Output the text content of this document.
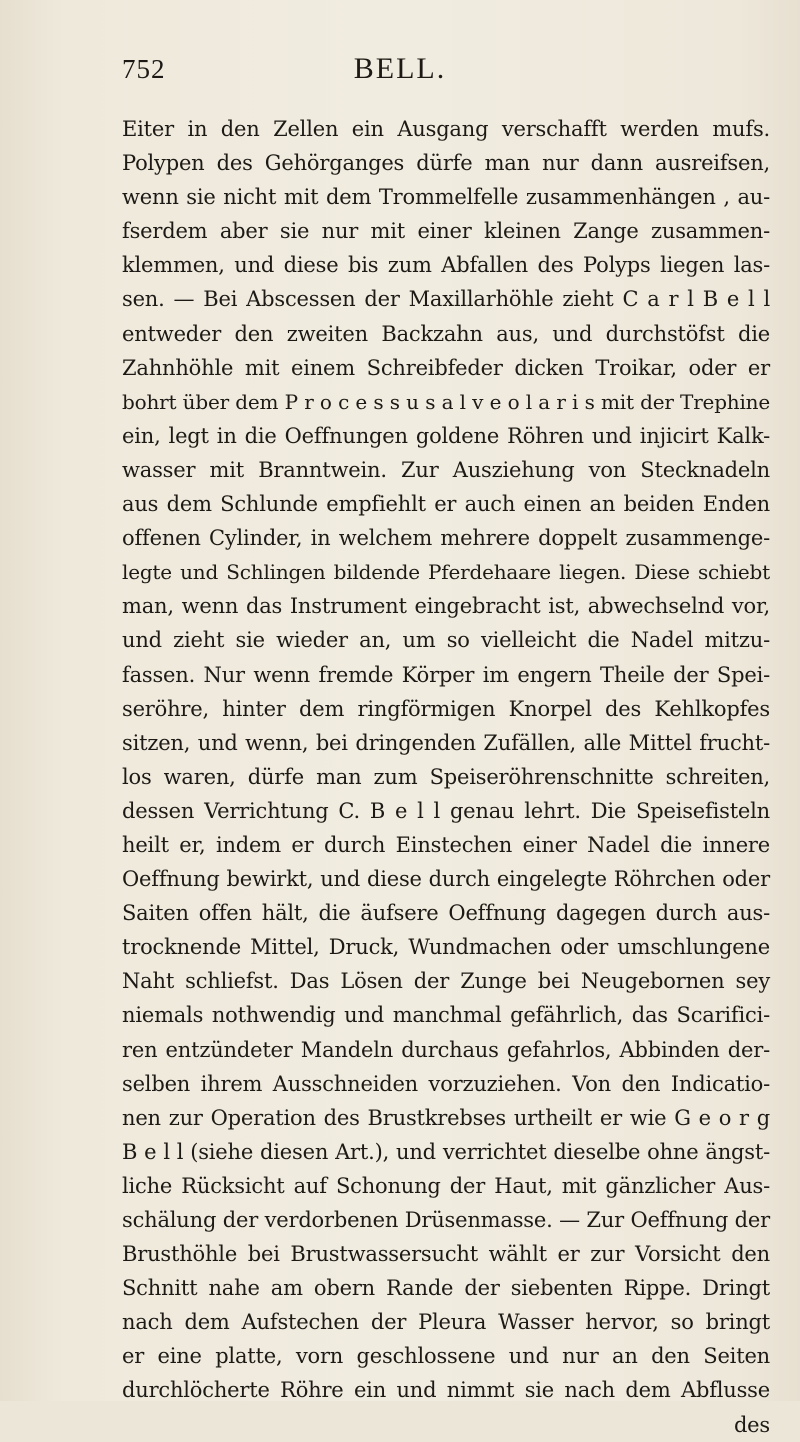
752	BELL.
Eiter in den Zellen ein Ausgang verschafft werden mufs.
Polypen des Gehörganges dürfe man nur dann ausreifsen,
wenn sie nicht mit dem Trommelfelle zusammenhängen , au-
fserdem aber sie nur mit einer kleinen Zange zusammen-
klemmen, und diese bis zum Abfallen des Polyps liegen las-
sen. — Bei Abscessen der Maxillarhöhle zieht C a r l B e l l
entweder den zweiten Backzahn aus, und durchstöfst die
Zahnhöhle mit einem Schreibfeder dicken Troikar, oder er
bohrt über dem P r o c e s s u s a l v e o l a r i s mit der Trephine
ein, legt in die Oeffnungen goldene Röhren und injicirt Kalk-
wasser mit Branntwein. Zur Ausziehung von Stecknadeln
aus dem Schlunde empfiehlt er auch einen an beiden Enden
offenen Cylinder, in welchem mehrere doppelt zusammenge-
legte und Schlingen bildende Pferdehaare liegen. Diese schiebt
man, wenn das Instrument eingebracht ist, abwechselnd vor,
und zieht sie wieder an, um so vielleicht die Nadel mitzu-
fassen. Nur wenn fremde Körper im engern Theile der Spei-
seröhre, hinter dem ringförmigen Knorpel des Kehlkopfes
sitzen, und wenn, bei dringenden Zufällen, alle Mittel frucht-
los waren, dürfe man zum Speiseröhrenschnitte schreiten,
dessen Verrichtung C. B e l l genau lehrt. Die Speisefisteln
heilt er, indem er durch Einstechen einer Nadel die innere
Oeffnung bewirkt, und diese durch eingelegte Röhrchen oder
Saiten offen hält, die äufsere Oeffnung dagegen durch aus-
trocknende Mittel, Druck, Wundmachen oder umschlungene
Naht schliefst. Das Lösen der Zunge bei Neugebornen sey
niemals nothwendig und manchmal gefährlich, das Scarifici-
ren entzündeter Mandeln durchaus gefahrlos, Abbinden der-
selben ihrem Ausschneiden vorzuziehen. Von den Indicatio-
nen zur Operation des Brustkrebses urtheilt er wie G e o r g
B e l l (siehe diesen Art.), und verrichtet dieselbe ohne ängst-
liche Rücksicht auf Schonung der Haut, mit gänzlicher Aus-
schälung der verdorbenen Drüsenmasse. — Zur Oeffnung der
Brusthöhle bei Brustwassersucht wählt er zur Vorsicht den
Schnitt nahe am obern Rande der siebenten Rippe. Dringt
nach dem Aufstechen der Pleura Wasser hervor, so bringt
er eine platte, vorn geschlossene und nur an den Seiten
durchlöcherte Röhre ein und nimmt sie nach dem Abflusse
des
